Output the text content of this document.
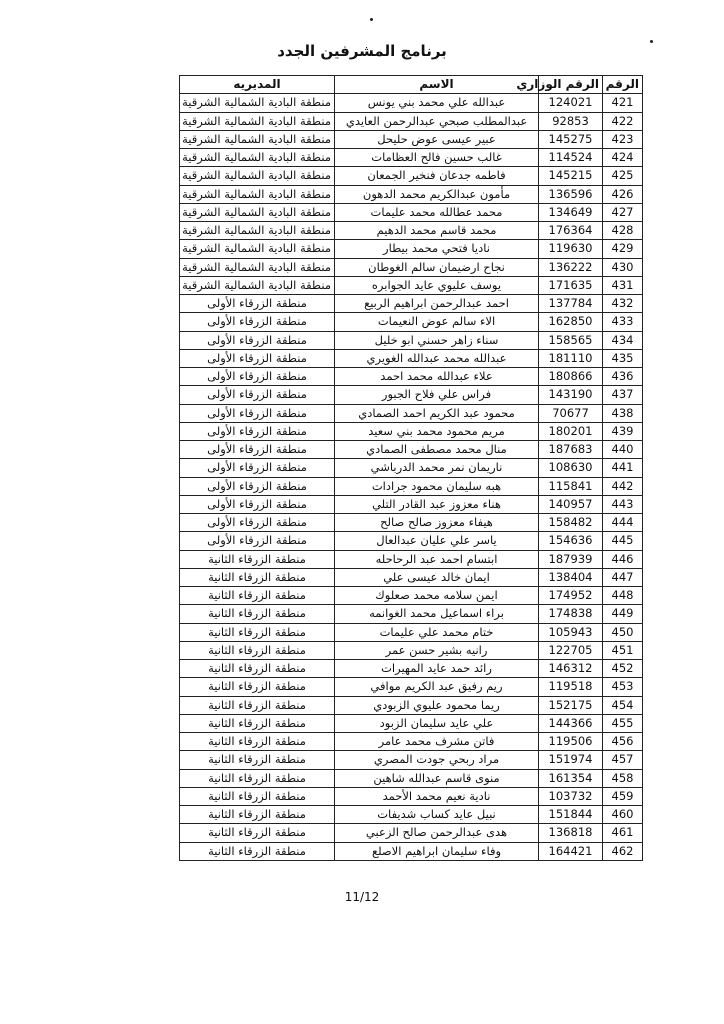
برنامج المشرفين الجدد
الرقم	الرقم الوزاري	الاسم	المديريه
421	124021	عبدالله علي محمد بني يونس	منطقة البادية الشمالية الشرقية
422	92853	عبدالمطلب صبحي عبدالرحمن العايدي	منطقة البادية الشمالية الشرقية
423	145275	عبير عيسى عوض حليحل	منطقة البادية الشمالية الشرقية
424	114524	غالب حسين فالح العظامات	منطقة البادية الشمالية الشرقية
425	145215	فاطمه جدعان فنخير الجمعان	منطقة البادية الشمالية الشرقية
426	136596	مأمون عبدالكريم محمد الدهون	منطقة البادية الشمالية الشرقية
427	134649	محمد عطالله محمد عليمات	منطقة البادية الشمالية الشرقية
428	176364	محمد قاسم محمد الدهيم	منطقة البادية الشمالية الشرقية
429	119630	نادیا فتحي محمد بيطار	منطقة البادية الشمالية الشرقية
430	136222	نجاح ارضيمان سالم الغوطان	منطقة البادية الشمالية الشرقية
431	171635	يوسف عليوي عايد الجوابره	منطقة البادية الشمالية الشرقية
432	137784	احمد عبدالرحمن ابراهيم الربيع	منطقة الزرقاء الأولى
433	162850	الاء سالم عوض النعيمات	منطقة الزرقاء الأولى
434	158565	سناء زاهر حسني ابو خليل	منطقة الزرقاء الأولى
435	181110	عبدالله محمد عبدالله الغويري	منطقة الزرقاء الأولى
436	180866	علاء عبدالله محمد احمد	منطقة الزرقاء الأولى
437	143190	فراس علي فلاح الجبور	منطقة الزرقاء الأولى
438	70677	محمود عبد الكريم احمد الصمادي	منطقة الزرقاء الأولى
439	180201	مريم محمود محمد بني سعيد	منطقة الزرقاء الأولى
440	187683	منال محمد مصطفى الصمادي	منطقة الزرقاء الأولى
441	108630	ناريمان نمر محمد الدرباشي	منطقة الزرقاء الأولى
442	115841	هبه سليمان محمود جرادات	منطقة الزرقاء الأولى
443	140957	هناء معزوز عبد القادر التلي	منطقة الزرقاء الأولى
444	158482	هيفاء معزوز صالح صالح	منطقة الزرقاء الأولى
445	154636	ياسر علي علیان عبدالعال	منطقة الزرقاء الأولى
446	187939	ابتسام احمد عبد الرحاحله	منطقة الزرقاء الثانية
447	138404	ايمان خالد عيسى علي	منطقة الزرقاء الثانية
448	174952	ايمن سلامه محمد صعلوك	منطقة الزرقاء الثانية
449	174838	براء اسماعيل محمد الغوانمه	منطقة الزرقاء الثانية
450	105943	ختام محمد علي عليمات	منطقة الزرقاء الثانية
451	122705	رانيه بشير حسن عمر	منطقة الزرقاء الثانية
452	146312	رائد حمد عايد المهيرات	منطقة الزرقاء الثانية
453	119518	ريم رفيق عبد الكريم موافي	منطقة الزرقاء الثانية
454	152175	ريما محمود عليوي الزبودي	منطقة الزرقاء الثانية
455	144366	علي عايد سليمان الزبود	منطقة الزرقاء الثانية
456	119506	فاتن مشرف محمد عامر	منطقة الزرقاء الثانية
457	151974	مراد ربحي جودت المصري	منطقة الزرقاء الثانية
458	161354	منوی قاسم عبدالله شاهين	منطقة الزرقاء الثانية
459	103732	نادية نعيم محمد الأحمد	منطقة الزرقاء الثانية
460	151844	نبيل عايد كساب شديفات	منطقة الزرقاء الثانية
461	136818	هدى عبدالرحمن صالح الزعبي	منطقة الزرقاء الثانية
462	164421	وفاء سليمان ابراهيم الاصلع	منطقة الزرقاء الثانية
11/12
